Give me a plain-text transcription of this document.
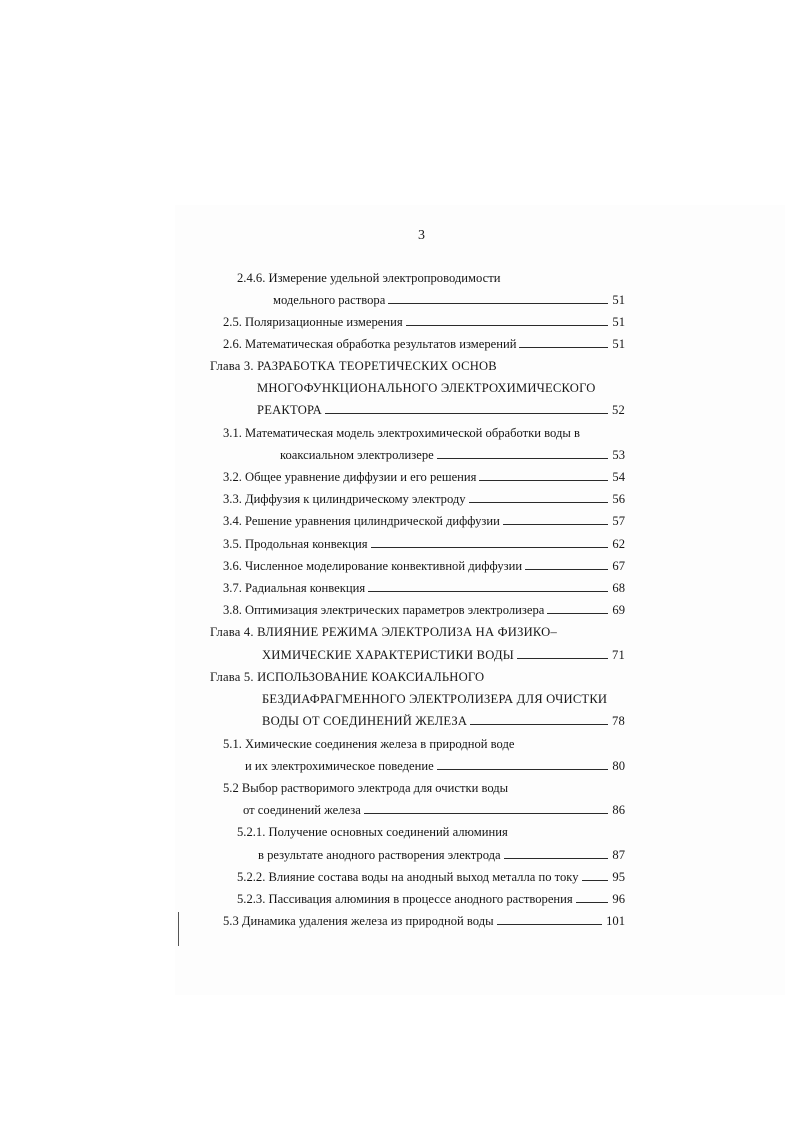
3
2.4.6. Измерение удельной электропроводимости
модельного раствора	51
2.5. Поляризационные измерения	51
2.6. Математическая обработка результатов измерений	51
Глава 3. РАЗРАБОТКА ТЕОРЕТИЧЕСКИХ ОСНОВ
МНОГОФУНКЦИОНАЛЬНОГО ЭЛЕКТРОХИМИЧЕСКОГО
РЕАКТОРА	52
3.1. Математическая модель электрохимической обработки воды в
коаксиальном электролизере	53
3.2. Общее уравнение диффузии и его решения	54
3.3. Диффузия к цилиндрическому электроду	56
3.4. Решение уравнения цилиндрической диффузии	57
3.5. Продольная конвекция	62
3.6. Численное моделирование конвективной диффузии	67
3.7. Радиальная конвекция	68
3.8. Оптимизация электрических параметров электролизера	69
Глава 4. ВЛИЯНИЕ РЕЖИМА ЭЛЕКТРОЛИЗА НА ФИЗИКО–
ХИМИЧЕСКИЕ ХАРАКТЕРИСТИКИ ВОДЫ	71
Глава 5. ИСПОЛЬЗОВАНИЕ КОАКСИАЛЬНОГО
БЕЗДИАФРАГМЕННОГО ЭЛЕКТРОЛИЗЕРА ДЛЯ ОЧИСТКИ
ВОДЫ ОТ СОЕДИНЕНИЙ ЖЕЛЕЗА	78
5.1. Химические соединения железа в природной воде
и их электрохимическое поведение	80
5.2 Выбор растворимого электрода для очистки воды
от соединений железа	86
5.2.1. Получение основных соединений алюминия
в результате анодного растворения электрода	87
5.2.2. Влияние состава воды на анодный выход металла по току	95
5.2.3. Пассивация алюминия в процессе анодного растворения	96
5.3 Динамика удаления железа из природной воды	101
